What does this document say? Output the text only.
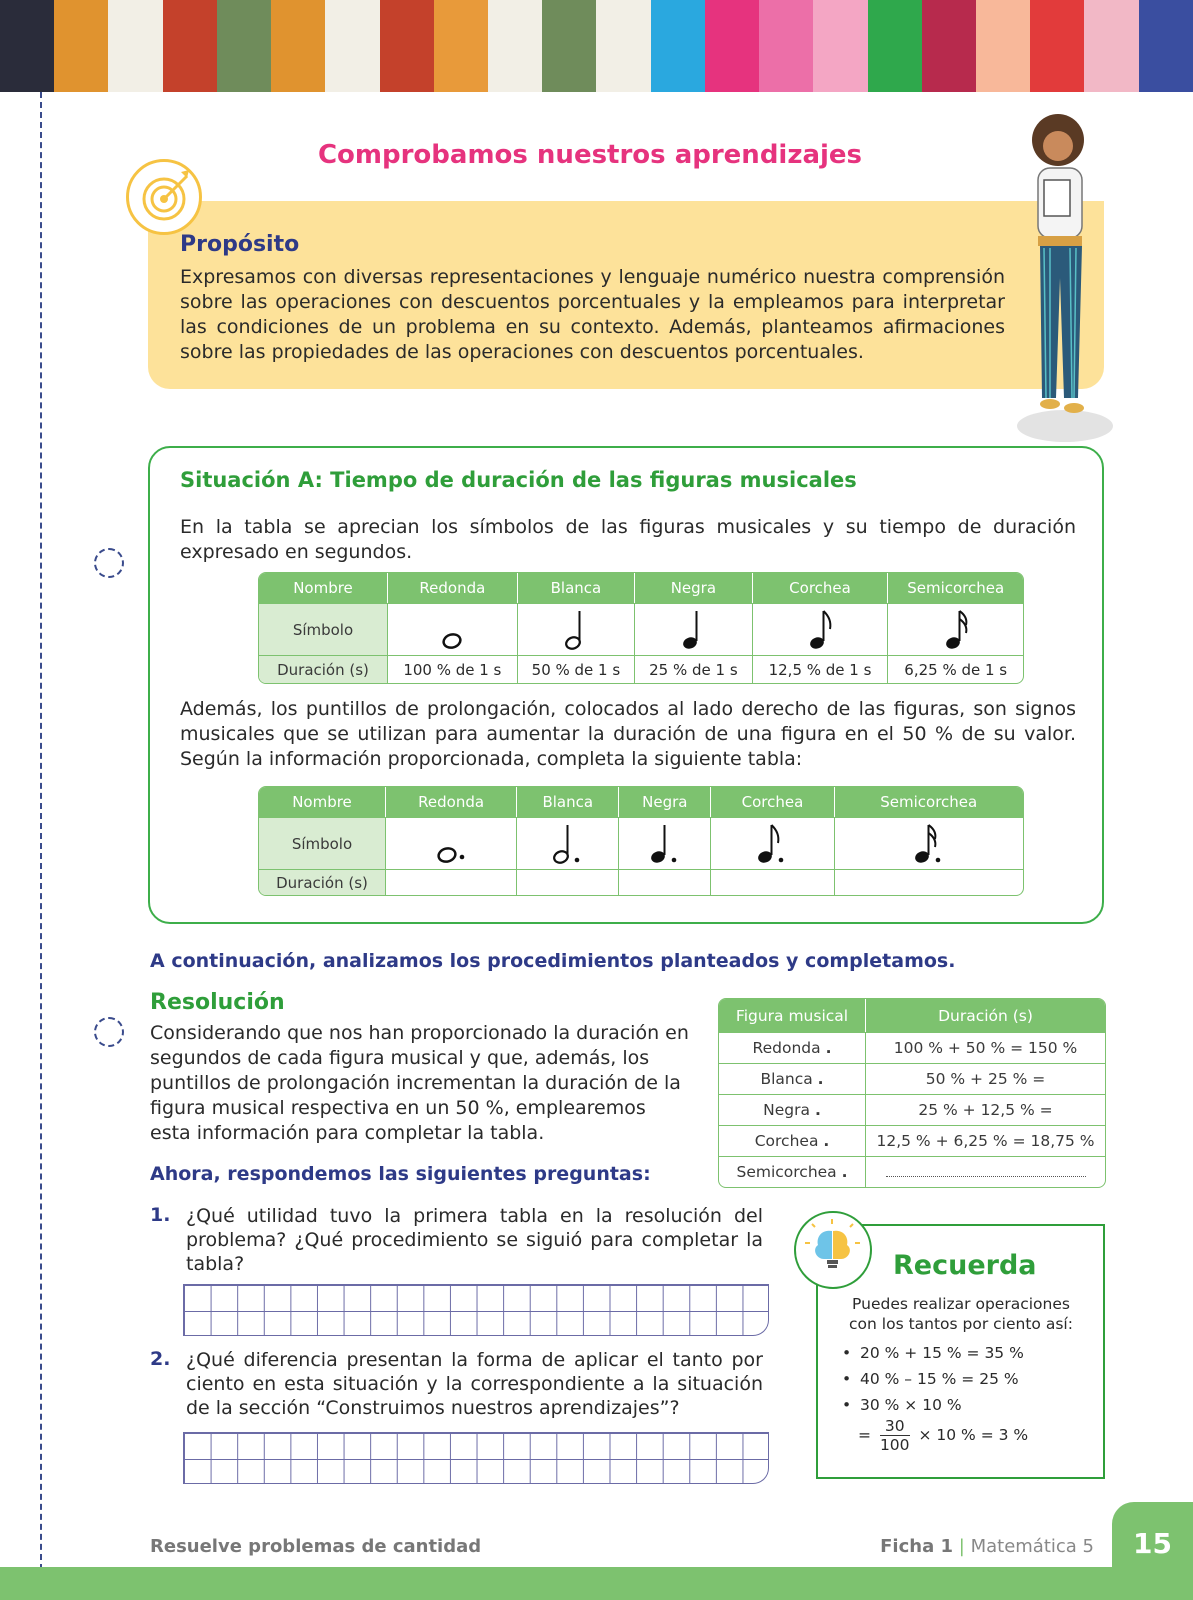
Comprobamos nuestros aprendizajes
Propósito
Expresamos con diversas representaciones y lenguaje numérico nuestra comprensión sobre las operaciones con descuentos porcentuales y la empleamos para interpretar las condiciones de un problema en su contexto. Además, planteamos afirmaciones sobre las propiedades de las operaciones con descuentos porcentuales.
Situación A: Tiempo de duración de las figuras musicales
En la tabla se aprecian los símbolos de las figuras musicales y su tiempo de duración expresado en segundos.
Nombre	Redonda	Blanca	Negra	Corchea	Semicorchea
Símbolo	

Duración (s)	100 % de 1 s	50 % de 1 s	25 % de 1 s	12,5 % de 1 s	6,25 % de 1 s
Además, los puntillos de prolongación, colocados al lado derecho de las figuras, son signos musicales que se utilizan para aumentar la duración de una figura en el 50 % de su valor. Según la información proporcionada, completa la siguiente tabla:
Nombre	Redonda	Blanca	Negra	Corchea	Semicorchea
Símbolo	

Duración (s)					
A continuación, analizamos los procedimientos planteados y completamos.
Resolución
Considerando que nos han proporcionado la duración en segundos de cada figura musical y que, además, los puntillos de prolongación incrementan la duración de la figura musical respectiva en un 50 %, emplearemos esta información para completar la tabla.
Figura musical	Duración (s)
Redonda .	100 % + 50 % = 150 %
Blanca .	50 % + 25 % =
Negra .	25 % + 12,5 % =
Corchea .	12,5 % + 6,25 % = 18,75 %
Semicorchea .	
Ahora, respondemos las siguientes preguntas:
1. ¿Qué utilidad tuvo la primera tabla en la resolución del problema? ¿Qué procedimiento se siguió para completar la tabla?
2. ¿Qué diferencia presentan la forma de aplicar el tanto por ciento en esta situación y la correspondiente a la situación de la sección “Construimos nuestros aprendizajes”?
Recuerda
Puedes realizar operaciones con los tantos por ciento así:
• 20 % + 15 % = 35 %
• 40 % – 15 % = 25 %
• 30 % × 10 %
= $\frac{30}{100} \times 10$ % = 3 %
Resuelve problemas de cantidad	Ficha 1 | Matemática 5	15
